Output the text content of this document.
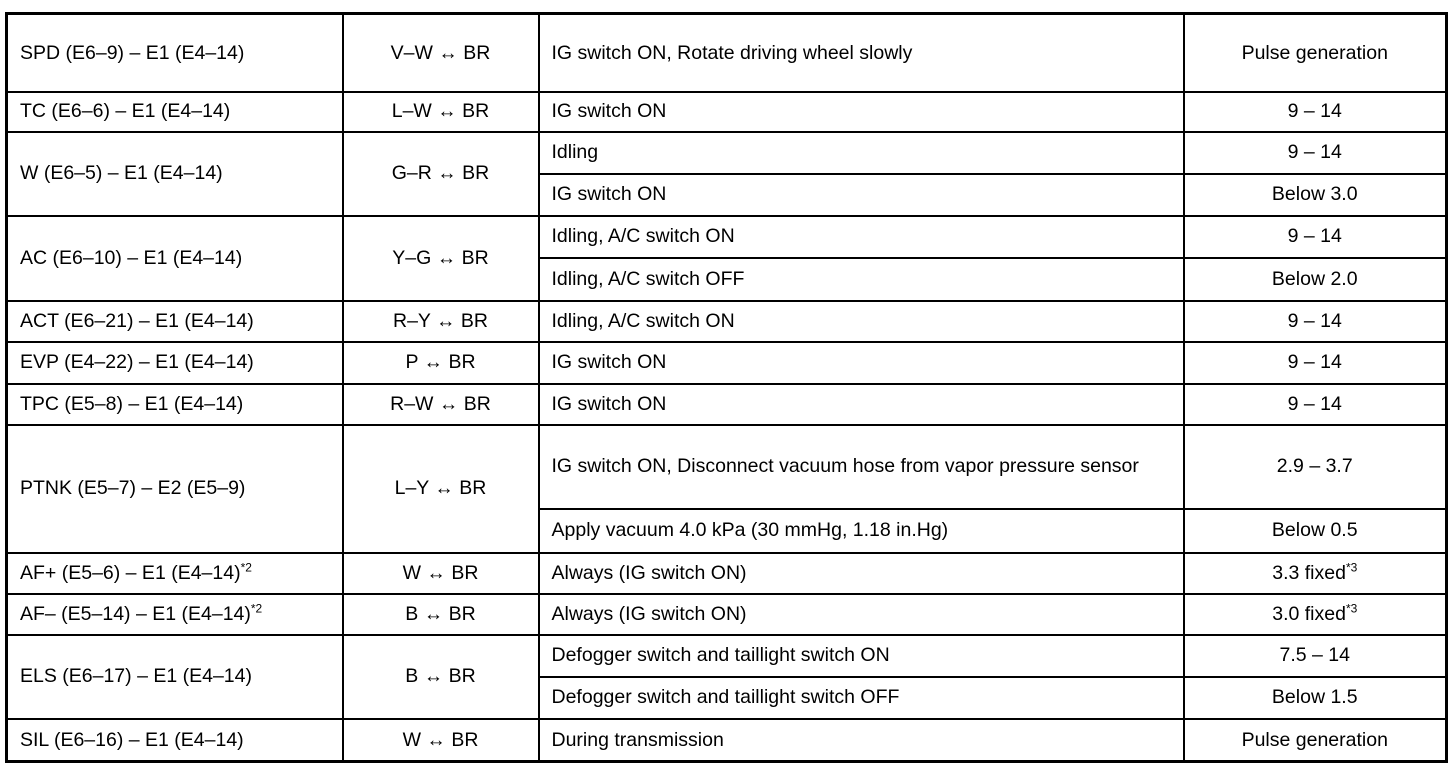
SPD (E6–9) – E1 (E4–14)	V–W ↔ BR	IG switch ON, Rotate driving wheel slowly	Pulse generation
TC (E6–6) – E1 (E4–14)	L–W ↔ BR	IG switch ON	9 – 14
W (E6–5) – E1 (E4–14)	G–R ↔ BR	Idling	9 – 14
		IG switch ON	Below 3.0
AC (E6–10) – E1 (E4–14)	Y–G ↔ BR	Idling, A/C switch ON	9 – 14
		Idling, A/C switch OFF	Below 2.0
ACT (E6–21) – E1 (E4–14)	R–Y ↔ BR	Idling, A/C switch ON	9 – 14
EVP (E4–22) – E1 (E4–14)	P ↔ BR	IG switch ON	9 – 14
TPC (E5–8) – E1 (E4–14)	R–W ↔ BR	IG switch ON	9 – 14
PTNK (E5–7) – E2 (E5–9)	L–Y ↔ BR	IG switch ON, Disconnect vacuum hose from vapor pressure sensor	2.9 – 3.7
		Apply vacuum 4.0 kPa (30 mmHg, 1.18 in.Hg)	Below 0.5
AF+ (E5–6) – E1 $(E4-14)^{*2}$	W ↔ BR	Always (IG switch ON)	3.3 fixed$^{*3}$
AF– (E5–14) – E1 $(E4-14)^{*2}$	B ↔ BR	Always (IG switch ON)	3.0 fixed$^{*3}$
ELS (E6–17) – E1 (E4–14)	B ↔ BR	Defogger switch and taillight switch ON	7.5 – 14
		Defogger switch and taillight switch OFF	Below 1.5
SIL (E6–16) – E1 (E4–14)	W ↔ BR	During transmission	Pulse generation
